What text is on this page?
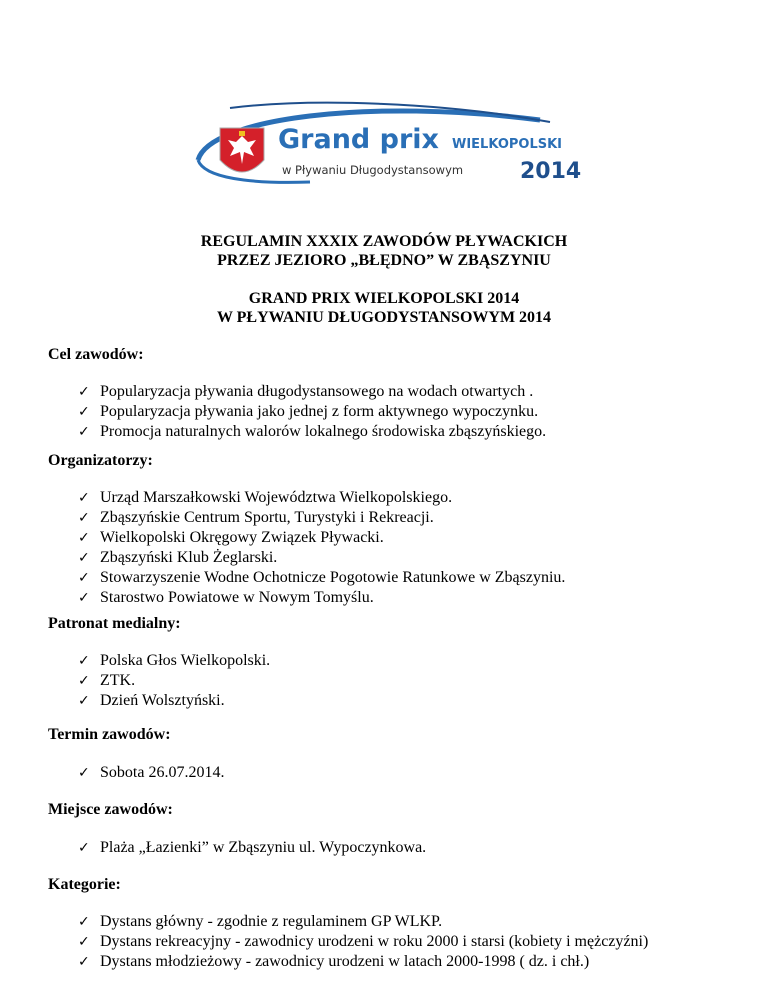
Grand prix WIELKOPOLSKI
w Pływaniu Długodystansowym	2014
REGULAMIN XXXIX ZAWODÓW PŁYWACKICH
PRZEZ JEZIORO „BŁĘDNO” W ZBĄSZYNIU
GRAND PRIX WIELKOPOLSKI 2014
W PŁYWANIU DŁUGODYSTANSOWYM 2014
Cel zawodów:
✓ Popularyzacja pływania długodystansowego na wodach otwartych .
✓ Popularyzacja pływania jako jednej z form aktywnego wypoczynku.
✓ Promocja naturalnych walorów lokalnego środowiska zbąszyńskiego.
Organizatorzy:
✓ Urząd Marszałkowski Województwa Wielkopolskiego.
✓ Zbąszyńskie Centrum Sportu, Turystyki i Rekreacji.
✓ Wielkopolski Okręgowy Związek Pływacki.
✓ Zbąszyński Klub Żeglarski.
✓ Stowarzyszenie Wodne Ochotnicze Pogotowie Ratunkowe w Zbąszyniu.
✓ Starostwo Powiatowe w Nowym Tomyślu.
Patronat medialny:
✓ Polska Głos Wielkopolski.
✓ ZTK.
✓ Dzień Wolsztyński.
Termin zawodów:
✓ Sobota 26.07.2014.
Miejsce zawodów:
✓ Plaża „Łazienki” w Zbąszyniu ul. Wypoczynkowa.
Kategorie:
✓ Dystans główny - zgodnie z regulaminem GP WLKP.
✓ Dystans rekreacyjny - zawodnicy urodzeni w roku 2000 i starsi (kobiety i mężczyźni)
✓ Dystans młodzieżowy - zawodnicy urodzeni w latach 2000-1998 ( dz. i chł.)
